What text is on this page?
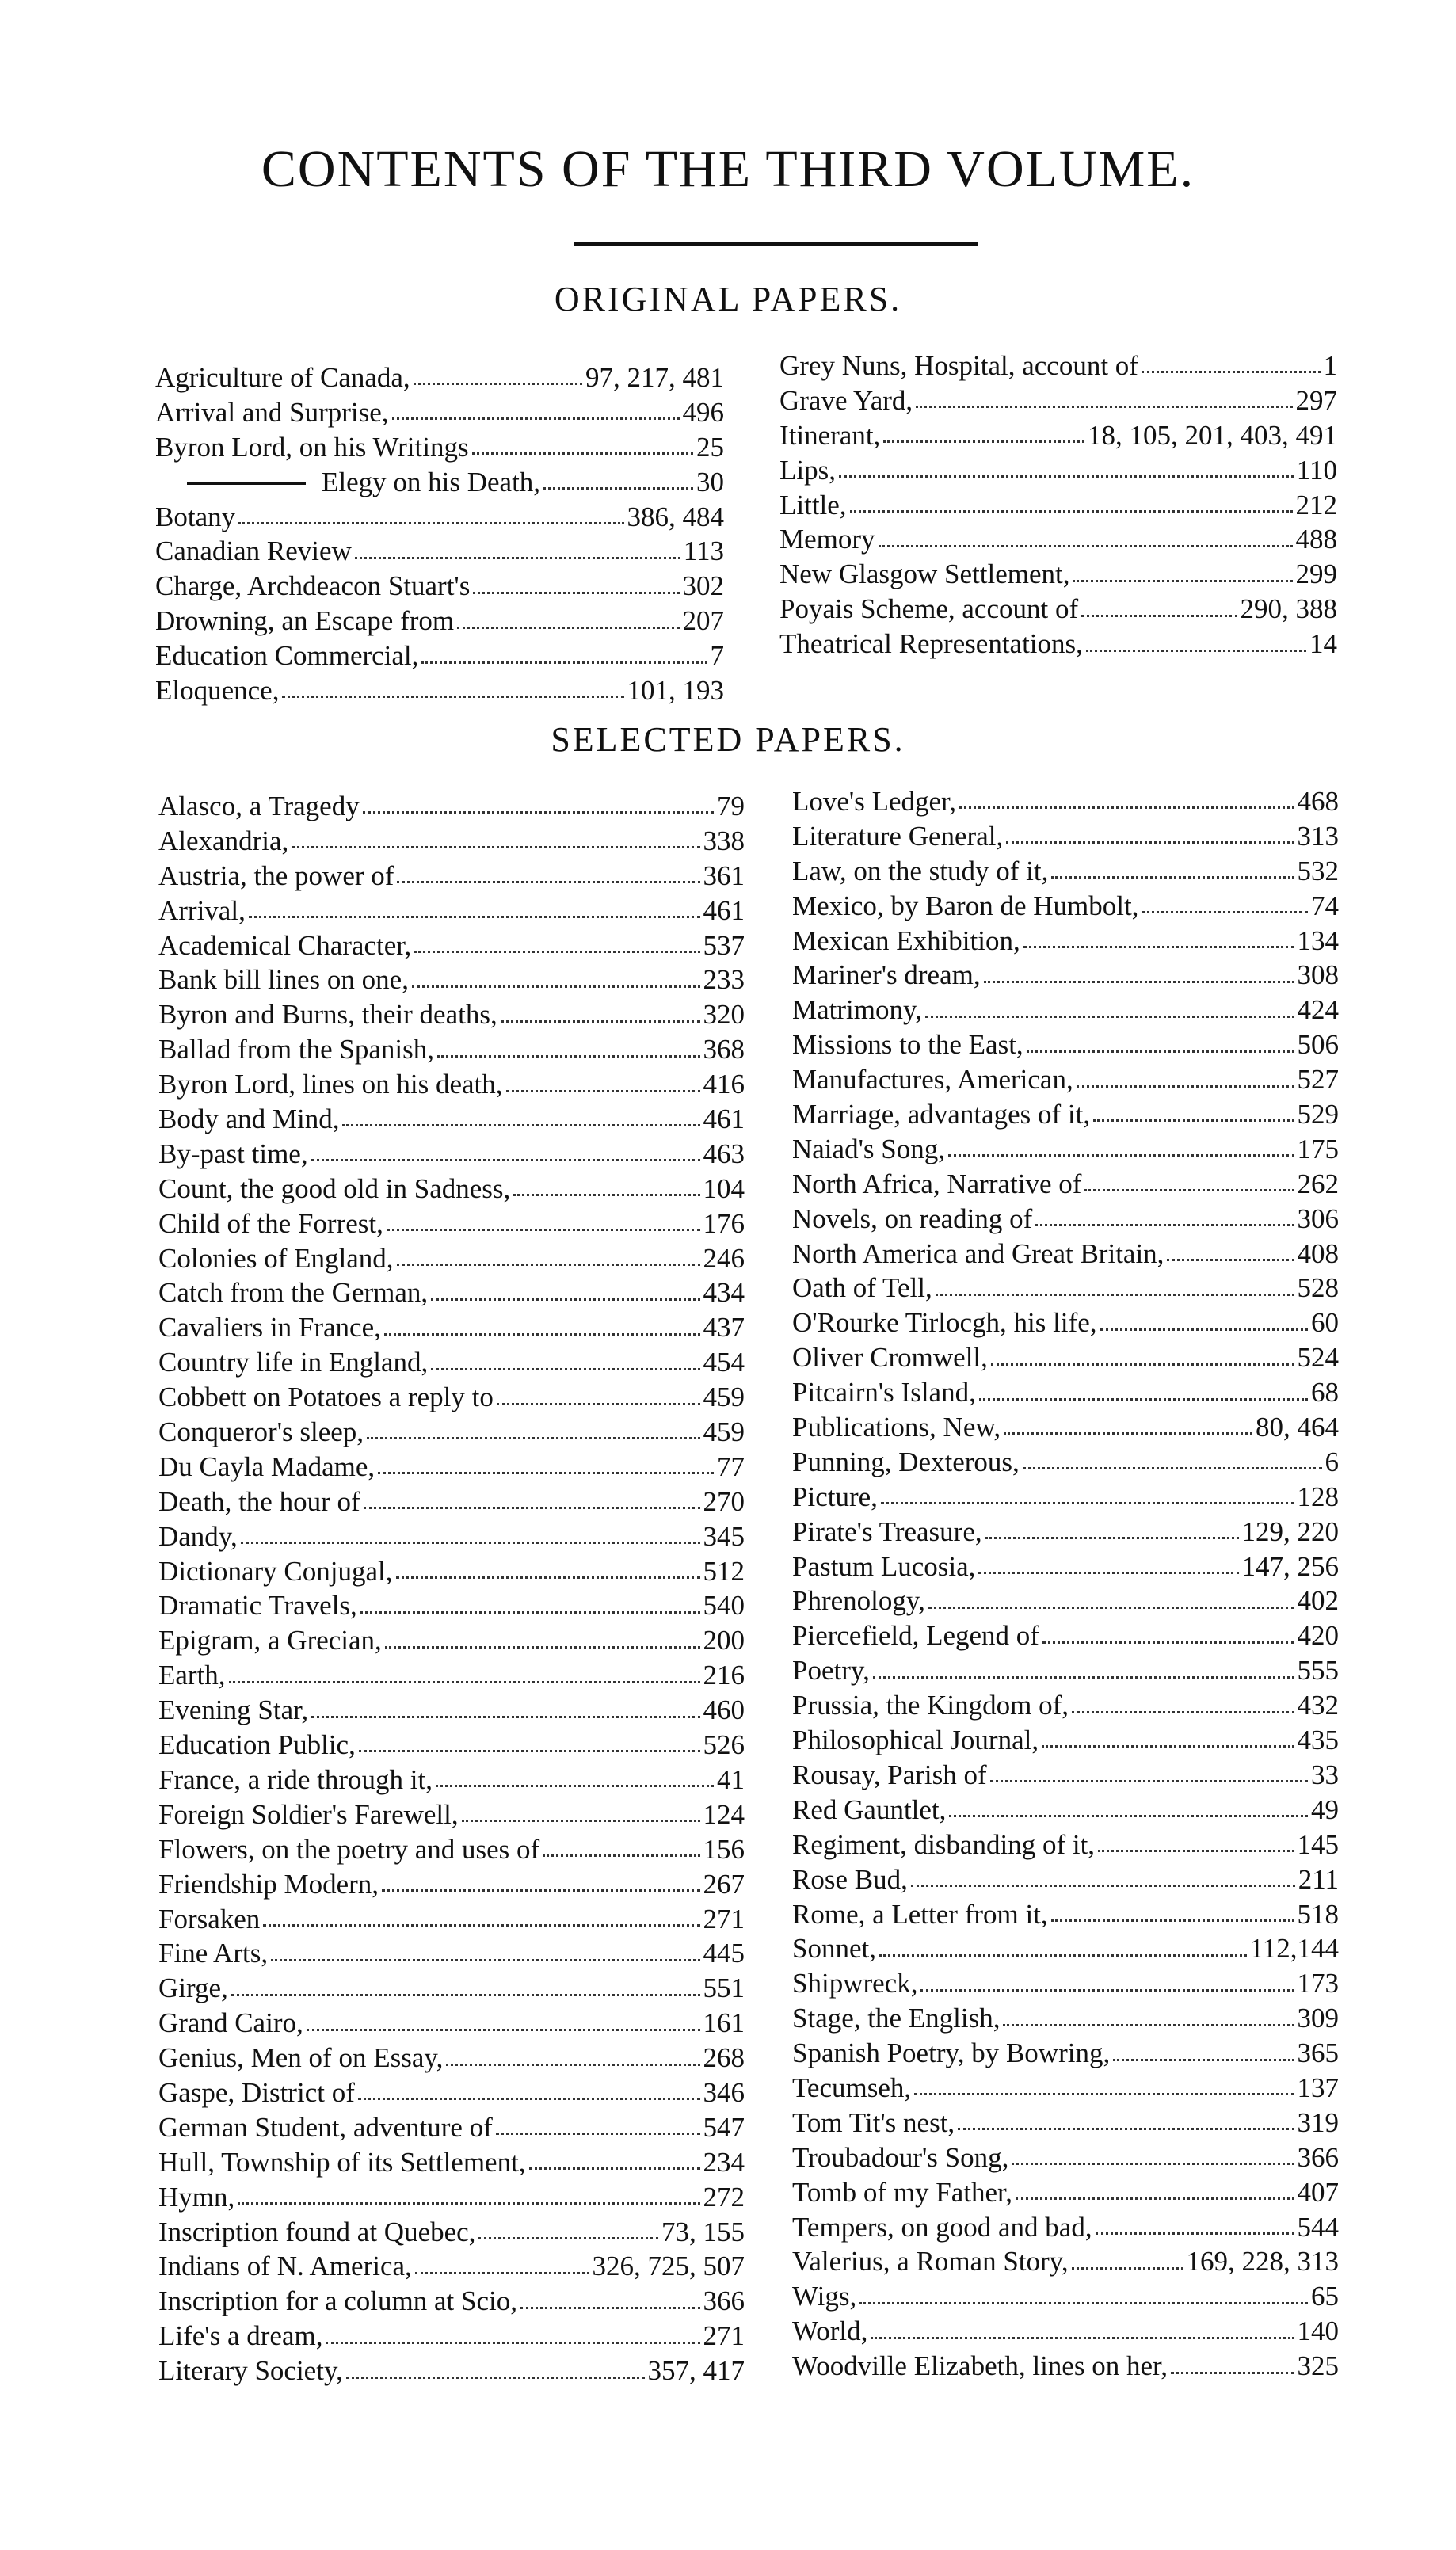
CONTENTS OF THE THIRD VOLUME.
ORIGINAL PAPERS.
Agriculture of Canada,	97, 217, 481
Arrival and Surprise,	496
Byron Lord, on his Writings	25
Elegy on his Death,	30
Botany	386, 484
Canadian Review	113
Charge, Archdeacon Stuart's	302
Drowning, an Escape from	207
Education Commercial,	7
Eloquence,	101, 193
Grey Nuns, Hospital, account of	1
Grave Yard,	297
Itinerant,	18, 105, 201, 403, 491
Lips,	110
Little,	212
Memory	488
New Glasgow Settlement,	299
Poyais Scheme, account of	290, 388
Theatrical Representations,	14
SELECTED PAPERS.
Alasco, a Tragedy	79
Alexandria,	338
Austria, the power of	361
Arrival,	461
Academical Character,	537
Bank bill lines on one,	233
Byron and Burns, their deaths,	320
Ballad from the Spanish,	368
Byron Lord, lines on his death,	416
Body and Mind,	461
By-past time,	463
Count, the good old in Sadness,	104
Child of the Forrest,	176
Colonies of England,	246
Catch from the German,	434
Cavaliers in France,	437
Country life in England,	454
Cobbett on Potatoes a reply to	459
Conqueror's sleep,	459
Du Cayla Madame,	77
Death, the hour of	270
Dandy,	345
Dictionary Conjugal,	512
Dramatic Travels,	540
Epigram, a Grecian,	200
Earth,	216
Evening Star,	460
Education Public,	526
France, a ride through it,	41
Foreign Soldier's Farewell,	124
Flowers, on the poetry and uses of	156
Friendship Modern,	267
Forsaken	271
Fine Arts,	445
Girge,	551
Grand Cairo,	161
Genius, Men of on Essay,	268
Gaspe, District of	346
German Student, adventure of	547
Hull, Township of its Settlement,	234
Hymn,	272
Inscription found at Quebec,	73, 155
Indians of N. America,	326, 725, 507
Inscription for a column at Scio,	366
Life's a dream,	271
Literary Society,	357, 417
Love's Ledger,	468
Literature General,	313
Law, on the study of it,	532
Mexico, by Baron de Humbolt,	74
Mexican Exhibition,	134
Mariner's dream,	308
Matrimony,	424
Missions to the East,	506
Manufactures, American,	527
Marriage, advantages of it,	529
Naiad's Song,	175
North Africa, Narrative of	262
Novels, on reading of	306
North America and Great Britain,	408
Oath of Tell,	528
O'Rourke Tirlocgh, his life,	60
Oliver Cromwell,	524
Pitcairn's Island,	68
Publications, New,	80, 464
Punning, Dexterous,	6
Picture,	128
Pirate's Treasure,	129, 220
Pastum Lucosia,	147, 256
Phrenology,	402
Piercefield, Legend of	420
Poetry,	555
Prussia, the Kingdom of,	432
Philosophical Journal,	435
Rousay, Parish of	33
Red Gauntlet,	49
Regiment, disbanding of it,	145
Rose Bud,	211
Rome, a Letter from it,	518
Sonnet,	112,144
Shipwreck,	173
Stage, the English,	309
Spanish Poetry, by Bowring,	365
Tecumseh,	137
Tom Tit's nest,	319
Troubadour's Song,	366
Tomb of my Father,	407
Tempers, on good and bad,	544
Valerius, a Roman Story,	169, 228, 313
Wigs,	65
World,	140
Woodville Elizabeth, lines on her,	325
